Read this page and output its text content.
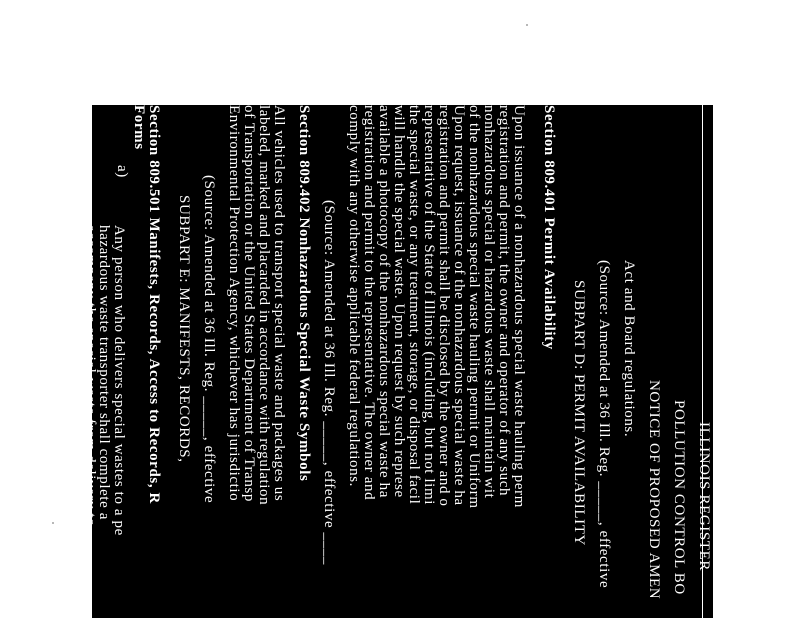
ILLINOIS REGISTER
POLLUTION CONTROL BO
NOTICE OF PROPOSED AMEN
Act and Board regulations.
(Source: Amended at 36 Ill. Reg. _____, effective
SUBPART D: PERMIT AVAILABILITY
Section 809.401 Permit Availability
Upon issuance of a nonhazardous special waste hauling perm
registration and permit, the owner and operator of any such
nonhazardous special or hazardous waste shall maintain wit
of the nonhazardous special waste hauling permit or Uniform
Upon request, issuance of the nonhazardous special waste ha
registration and permit shall be disclosed by the owner and o
representative of the State of Illinois (including, but not limi
the special waste, or any treatment, storage, or disposal facil
will handle the special waste. Upon request by such represe
available a photocopy of the nonhazardous special waste ha
registration and permit to the representative. The owner and
comply with any otherwise applicable federal regulations.
(Source: Amended at 36 Ill. Reg. _____, effective ____
Section 809.402 Nonhazardous Special Waste Symbols
All vehicles used to transport special waste and packages us
labeled, marked and placarded in accordance with regulation
of Transportation or the United States Department of Transp
Environmental Protection Agency, whichever has jurisdictio
(Source: Amended at 36 Ill. Reg. _____, effective
SUBPART E: MANIFESTS, RECORDS,
Section 809.501 Manifests, Records, Access to Records, R
Forms
a)
Any person who delivers special wastes to a pe
hazardous waste transporter shall complete a
accompany the special waste from delivery to
